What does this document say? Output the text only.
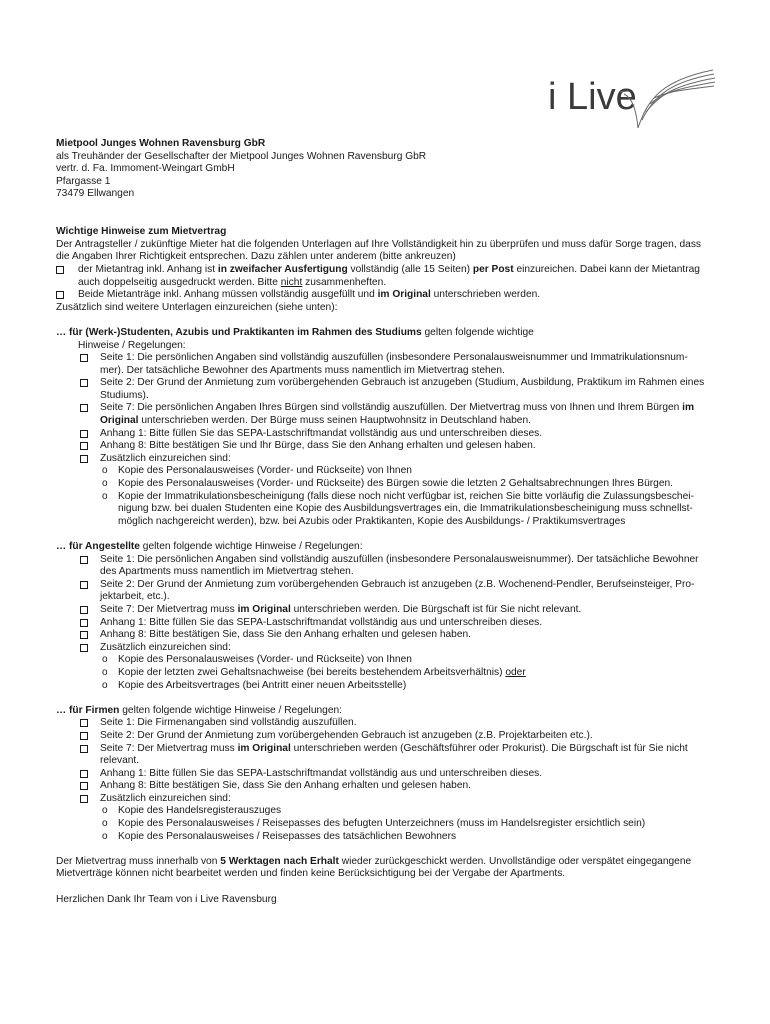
i Live

Mietpool Junges Wohnen Ravensburg GbR

als Treuhänder der Gesellschafter der Mietpool Junges Wohnen Ravensburg GbR

vertr. d. Fa. Immoment-Weingart GmbH

Pfargasse 1

73479 Ellwangen

Wichtige Hinweise zum Mietvertrag

Der Antragsteller / zukünftige Mieter hat die folgenden Unterlagen auf Ihre Vollständigkeit hin zu überprüfen und muss dafür Sorge tragen, dass

die Angaben Ihrer Richtigkeit entsprechen. Dazu zählen unter anderem (bitte ankreuzen)

der Mietantrag inkl. Anhang ist in zweifacher Ausfertigung vollständig (alle 15 Seiten) per Post einzureichen. Dabei kann der Mietantrag
auch doppelseitig ausgedruckt werden. Bitte nicht zusammenheften.
Beide Mietanträge inkl. Anhang müssen vollständig ausgefüllt und im Original unterschrieben werden.

Zusätzlich sind weitere Unterlagen einzureichen (siehe unten):

… für (Werk-)Studenten, Azubis und Praktikanten im Rahmen des Studiums gelten folgende wichtige

Hinweise / Regelungen:

Seite 1: Die persönlichen Angaben sind vollständig auszufüllen (insbesondere Personalausweisnummer und Immatrikulationsnum-
mer). Der tatsächliche Bewohner des Apartments muss namentlich im Mietvertrag stehen.
Seite 2: Der Grund der Anmietung zum vorübergehenden Gebrauch ist anzugeben (Studium, Ausbildung, Praktikum im Rahmen eines
Studiums).
Seite 7: Die persönlichen Angaben Ihres Bürgen sind vollständig auszufüllen. Der Mietvertrag muss von Ihnen und Ihrem Bürgen im
Original unterschrieben werden. Der Bürge muss seinen Hauptwohnsitz in Deutschland haben.
Anhang 1: Bitte füllen Sie das SEPA-Lastschriftmandat vollständig aus und unterschreiben dieses.
Anhang 8: Bitte bestätigen Sie und Ihr Bürge, dass Sie den Anhang erhalten und gelesen haben.
Zusätzlich einzureichen sind:
o Kopie des Personalausweises (Vorder- und Rückseite) von Ihnen
o Kopie des Personalausweises (Vorder- und Rückseite) des Bürgen sowie die letzten 2 Gehaltsabrechnungen Ihres Bürgen.
o Kopie der Immatrikulationsbescheinigung (falls diese noch nicht verfügbar ist, reichen Sie bitte vorläufig die Zulassungsbeschei-
nigung bzw. bei dualen Studenten eine Kopie des Ausbildungsvertrages ein, die Immatrikulationsbescheinigung muss schnellst-
möglich nachgereicht werden), bzw. bei Azubis oder Praktikanten, Kopie des Ausbildungs- / Praktikumsvertrages

… für Angestellte gelten folgende wichtige Hinweise / Regelungen:

Seite 1: Die persönlichen Angaben sind vollständig auszufüllen (insbesondere Personalausweisnummer). Der tatsächliche Bewohner
des Apartments muss namentlich im Mietvertrag stehen.
Seite 2: Der Grund der Anmietung zum vorübergehenden Gebrauch ist anzugeben (z.B. Wochenend-Pendler, Berufseinsteiger, Pro-
jektarbeit, etc.).
Seite 7: Der Mietvertrag muss im Original unterschrieben werden. Die Bürgschaft ist für Sie nicht relevant.
Anhang 1: Bitte füllen Sie das SEPA-Lastschriftmandat vollständig aus und unterschreiben dieses.
Anhang 8: Bitte bestätigen Sie, dass Sie den Anhang erhalten und gelesen haben.
Zusätzlich einzureichen sind:
o Kopie des Personalausweises (Vorder- und Rückseite) von Ihnen
o Kopie der letzten zwei Gehaltsnachweise (bei bereits bestehendem Arbeitsverhältnis) oder
o Kopie des Arbeitsvertrages (bei Antritt einer neuen Arbeitsstelle)

… für Firmen gelten folgende wichtige Hinweise / Regelungen:

Seite 1: Die Firmenangaben sind vollständig auszufüllen.
Seite 2: Der Grund der Anmietung zum vorübergehenden Gebrauch ist anzugeben (z.B. Projektarbeiten etc.).
Seite 7: Der Mietvertrag muss im Original unterschrieben werden (Geschäftsführer oder Prokurist). Die Bürgschaft ist für Sie nicht
relevant.
Anhang 1: Bitte füllen Sie das SEPA-Lastschriftmandat vollständig aus und unterschreiben dieses.
Anhang 8: Bitte bestätigen Sie, dass Sie den Anhang erhalten und gelesen haben.
Zusätzlich einzureichen sind:
o Kopie des Handelsregisterauszuges
o Kopie des Personalausweises / Reisepasses des befugten Unterzeichners (muss im Handelsregister ersichtlich sein)
o Kopie des Personalausweises / Reisepasses des tatsächlichen Bewohners

Der Mietvertrag muss innerhalb von 5 Werktagen nach Erhalt wieder zurückgeschickt werden. Unvollständige oder verspätet eingegangene
Mietverträge können nicht bearbeitet werden und finden keine Berücksichtigung bei der Vergabe der Apartments.

Herzlichen Dank Ihr Team von i Live Ravensburg
